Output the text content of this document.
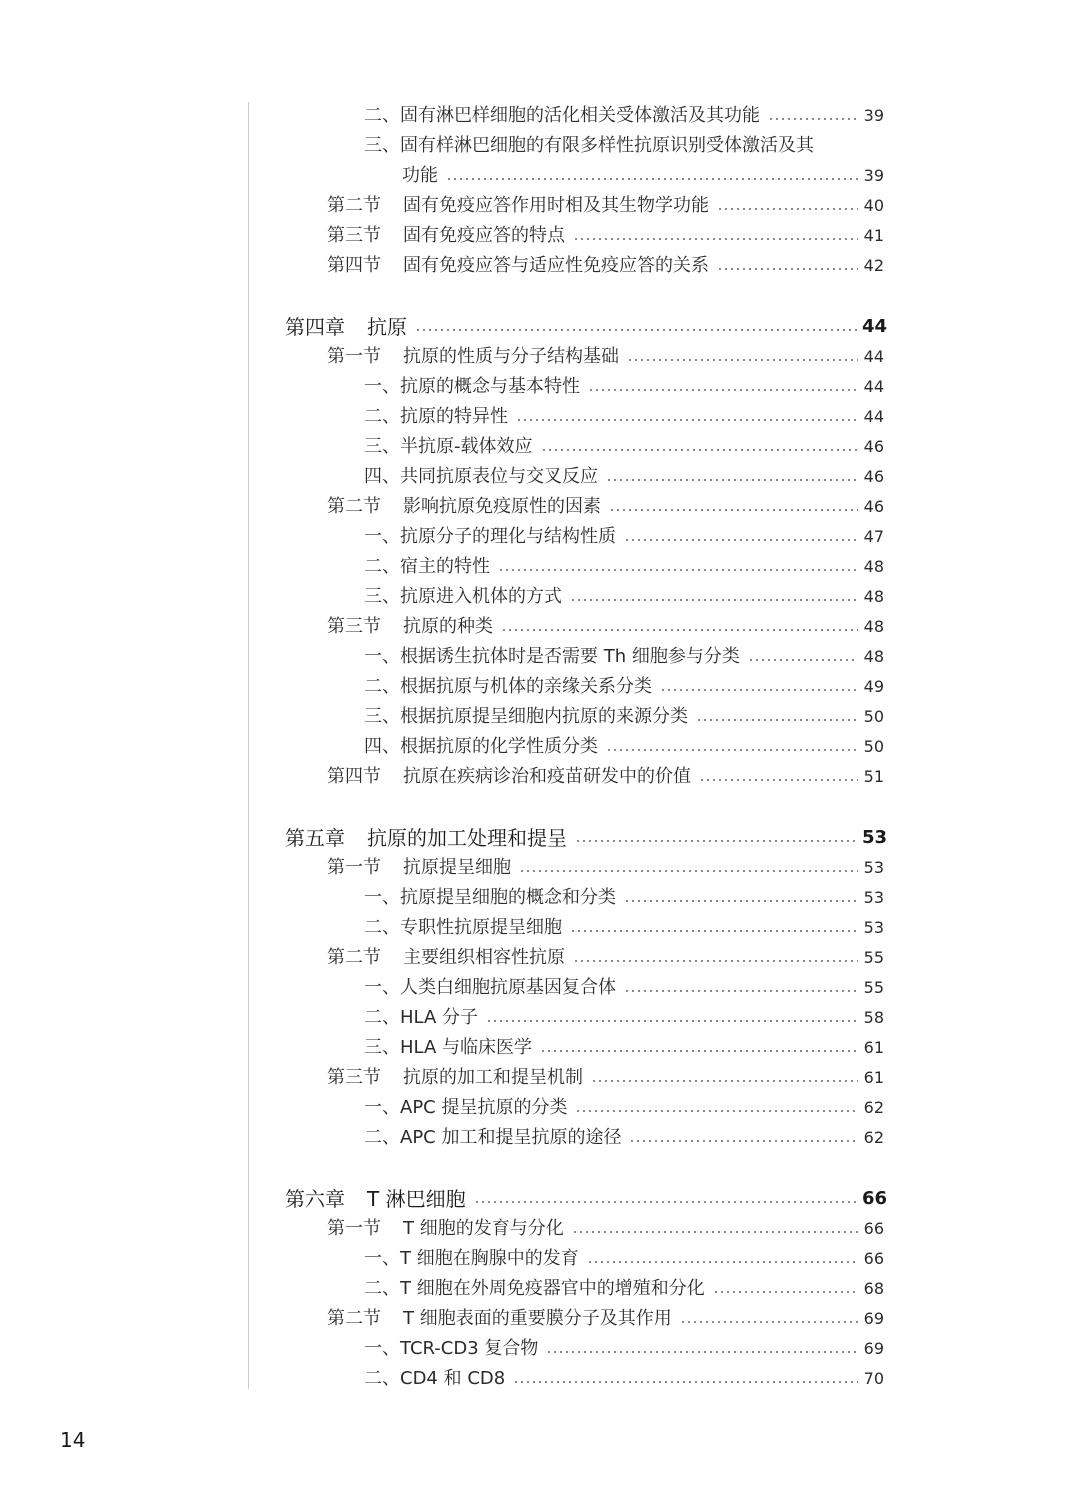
二、固有淋巴样细胞的活化相关受体激活及其功能	39
三、固有样淋巴细胞的有限多样性抗原识别受体激活及其
功能	39
第二节 固有免疫应答作用时相及其生物学功能	40
第三节 固有免疫应答的特点	41
第四节 固有免疫应答与适应性免疫应答的关系	42
第四章 抗原	44
第一节 抗原的性质与分子结构基础	44
一、抗原的概念与基本特性	44
二、抗原的特异性	44
三、半抗原-载体效应	46
四、共同抗原表位与交叉反应	46
第二节 影响抗原免疫原性的因素	46
一、抗原分子的理化与结构性质	47
二、宿主的特性	48
三、抗原进入机体的方式	48
第三节 抗原的种类	48
一、根据诱生抗体时是否需要 Th 细胞参与分类	48
二、根据抗原与机体的亲缘关系分类	49
三、根据抗原提呈细胞内抗原的来源分类	50
四、根据抗原的化学性质分类	50
第四节 抗原在疾病诊治和疫苗研发中的价值	51
第五章 抗原的加工处理和提呈	53
第一节 抗原提呈细胞	53
一、抗原提呈细胞的概念和分类	53
二、专职性抗原提呈细胞	53
第二节 主要组织相容性抗原	55
一、人类白细胞抗原基因复合体	55
二、HLA 分子	58
三、HLA 与临床医学	61
第三节 抗原的加工和提呈机制	61
一、APC 提呈抗原的分类	62
二、APC 加工和提呈抗原的途径	62
第六章 T 淋巴细胞	66
第一节 T 细胞的发育与分化	66
一、T 细胞在胸腺中的发育	66
二、T 细胞在外周免疫器官中的增殖和分化	68
第二节 T 细胞表面的重要膜分子及其作用	69
一、TCR-CD3 复合物	69
二、CD4 和 CD8	70
14
